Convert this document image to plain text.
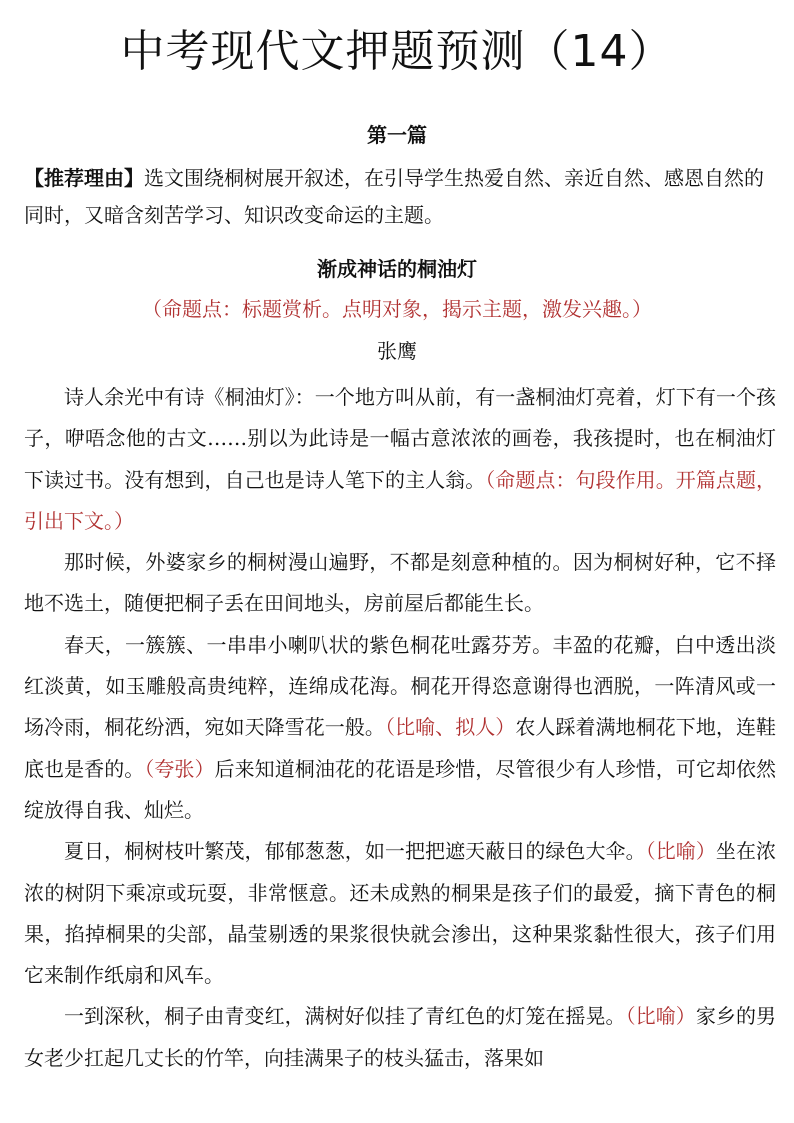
中考现代文押题预测（14）
第一篇
【推荐理由】选文围绕桐树展开叙述，在引导学生热爱自然、亲近自然、感恩自然的同时，又暗含刻苦学习、知识改变命运的主题。
渐成神话的桐油灯
（命题点：标题赏析。点明对象，揭示主题，激发兴趣。）
张鹰

诗人余光中有诗《桐油灯》：一个地方叫从前，有一盏桐油灯亮着，灯下有一个孩子，咿唔念他的古文……别以为此诗是一幅古意浓浓的画卷，我孩提时，也在桐油灯下读过书。没有想到，自己也是诗人笔下的主人翁。（命题点：句段作用。开篇点题，引出下文。）

那时候，外婆家乡的桐树漫山遍野，不都是刻意种植的。因为桐树好种，它不择地不选土，随便把桐子丢在田间地头，房前屋后都能生长。

春天，一簇簇、一串串小喇叭状的紫色桐花吐露芬芳。丰盈的花瓣，白中透出淡红淡黄，如玉雕般高贵纯粹，连绵成花海。桐花开得恣意谢得也洒脱，一阵清风或一场冷雨，桐花纷洒，宛如天降雪花一般。（比喻、拟人）农人踩着满地桐花下地，连鞋底也是香的。（夸张）后来知道桐油花的花语是珍惜，尽管很少有人珍惜，可它却依然绽放得自我、灿烂。

夏日，桐树枝叶繁茂，郁郁葱葱，如一把把遮天蔽日的绿色大伞。（比喻）坐在浓浓的树阴下乘凉或玩耍，非常惬意。还未成熟的桐果是孩子们的最爱，摘下青色的桐果，掐掉桐果的尖部，晶莹剔透的果浆很快就会渗出，这种果浆黏性很大，孩子们用它来制作纸扇和风车。

一到深秋，桐子由青变红，满树好似挂了青红色的灯笼在摇晃。（比喻）家乡的男女老少扛起几丈长的竹竿，向挂满果子的枝头猛击，落果如
